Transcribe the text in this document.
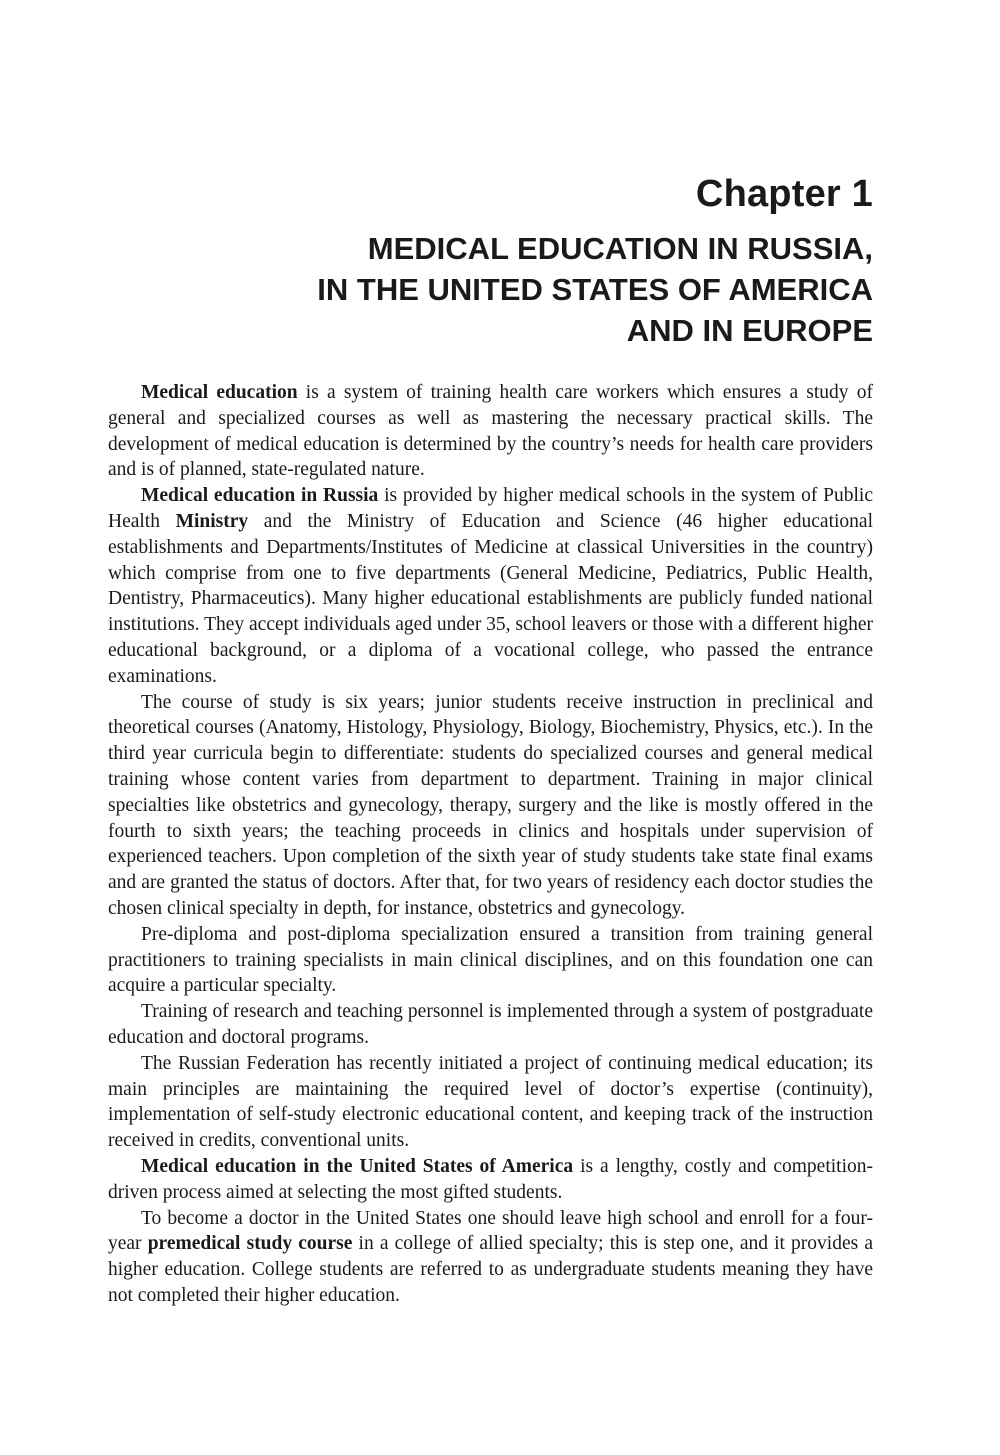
Chapter 1
MEDICAL EDUCATION IN RUSSIA,
IN THE UNITED STATES OF AMERICA
AND IN EUROPE

Medical education is a system of training health care workers which ensures a study of general and specialized courses as well as mastering the necessary practical skills. The development of medical education is determined by the country’s needs for health care providers and is of planned, state-regulated nature.

Medical education in Russia is provided by higher medical schools in the system of Public Health Ministry and the Ministry of Education and Science (46 higher educational establishments and Departments/Institutes of Medicine at classical Universities in the country) which comprise from one to five departments (General Medicine, Pediatrics, Public Health, Dentistry, Pharmaceutics). Many higher educational establishments are publicly funded national institutions. They accept individuals aged under 35, school leavers or those with a different higher educational background, or a diploma of a vocational college, who passed the entrance examinations.

The course of study is six years; junior students receive instruction in preclinical and theoretical courses (Anatomy, Histology, Physiology, Biology, Biochemistry, Physics, etc.). In the third year curricula begin to differentiate: students do specialized courses and general medical training whose content varies from department to department. Training in major clinical specialties like obstetrics and gynecology, therapy, surgery and the like is mostly offered in the fourth to sixth years; the teaching proceeds in clinics and hospitals under supervision of experienced teachers. Upon completion of the sixth year of study students take state final exams and are granted the status of doctors. After that, for two years of residency each doctor studies the chosen clinical specialty in depth, for instance, obstetrics and gynecology.

Pre-diploma and post-diploma specialization ensured a transition from training general practitioners to training specialists in main clinical disciplines, and on this foundation one can acquire a particular specialty.

Training of research and teaching personnel is implemented through a system of postgraduate education and doctoral programs.

The Russian Federation has recently initiated a project of continuing medical education; its main principles are maintaining the required level of doctor’s expertise (continuity), implementation of self-study electronic educational content, and keeping track of the instruction received in credits, conventional units.

Medical education in the United States of America is a lengthy, costly and competition-driven process aimed at selecting the most gifted students.

To become a doctor in the United States one should leave high school and enroll for a four-year premedical study course in a college of allied specialty; this is step one, and it provides a higher education. College students are referred to as undergraduate students meaning they have not completed their higher education.
